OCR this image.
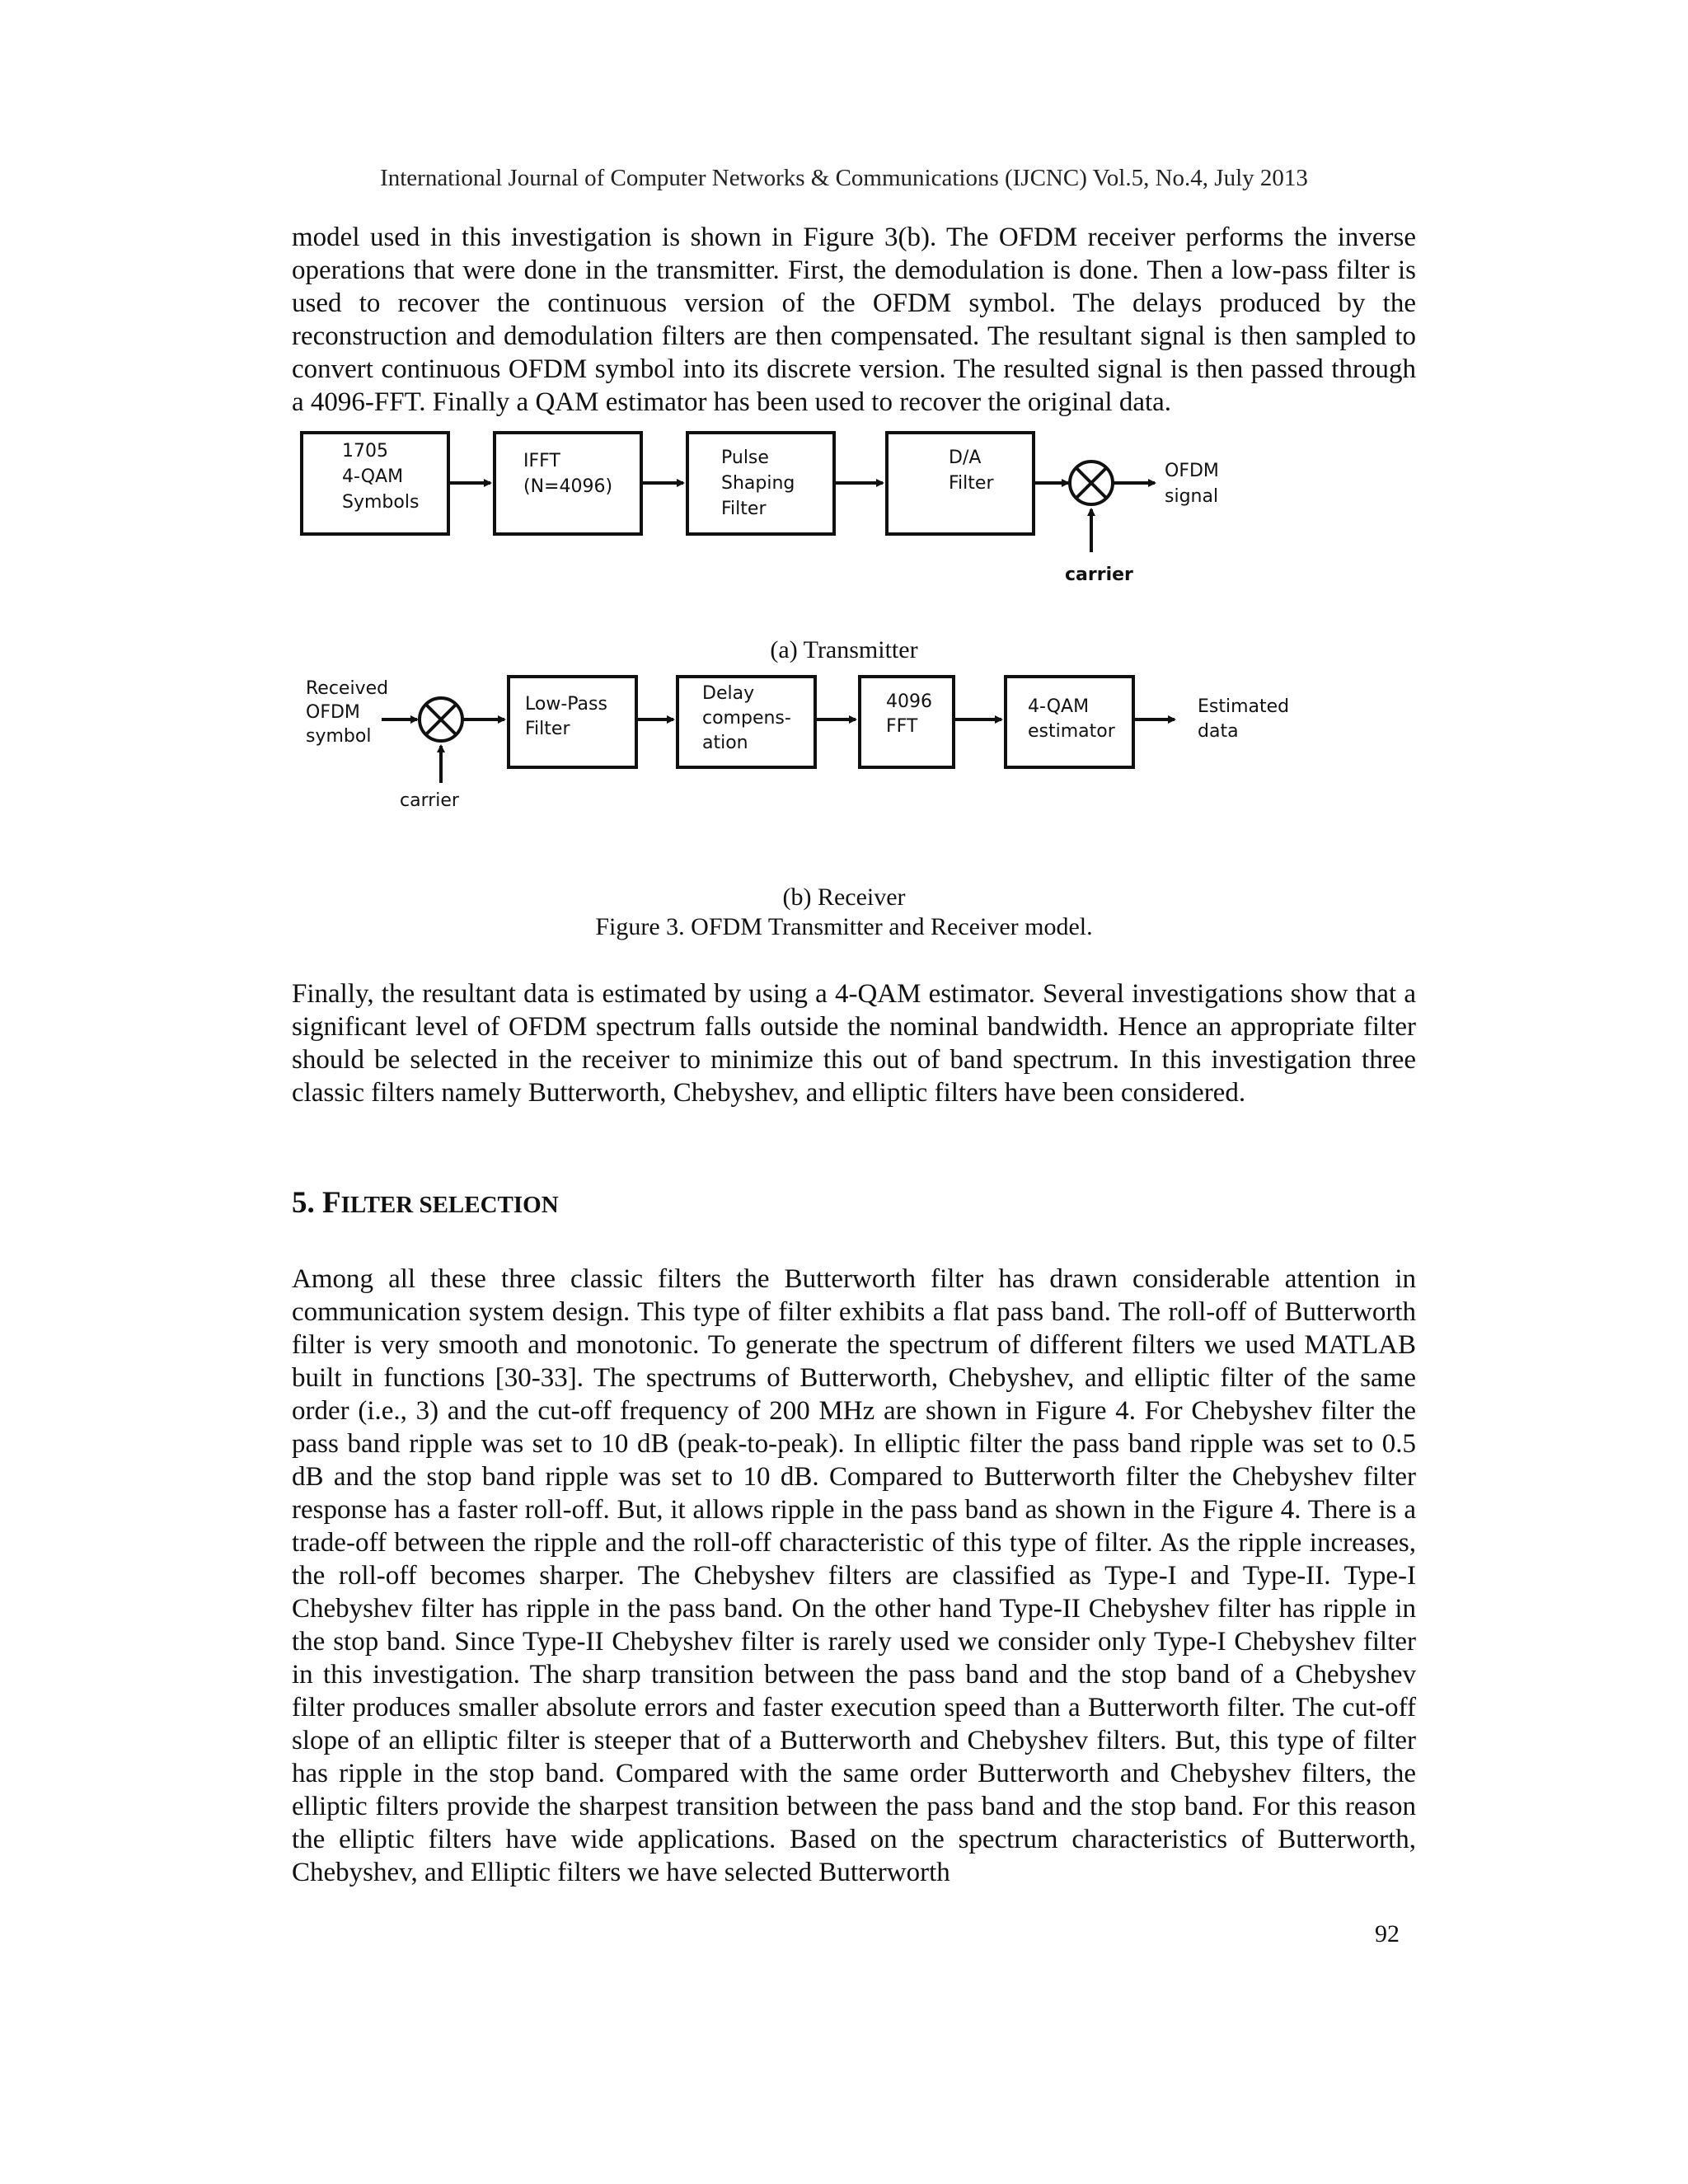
International Journal of Computer Networks & Communications (IJCNC) Vol.5, No.4, July 2013

model used in this investigation is shown in Figure 3(b). The OFDM receiver performs the inverse operations that were done in the transmitter. First, the demodulation is done. Then a low-pass filter is used to recover the continuous version of the OFDM symbol. The delays produced by the reconstruction and demodulation filters are then compensated. The resultant signal is then sampled to convert continuous OFDM symbol into its discrete version. The resulted signal is then passed through a 4096-FFT. Finally a QAM estimator has been used to recover the original data.

1705
4-QAM
Symbols
IFFT
(N=4096)
Pulse
Shaping
Filter
D/A
Filter
carrier
OFDM
signal
(a) Transmitter
Received
OFDM
symbol
carrier
Low-Pass
Filter
Delay
compens-
ation
4096
FFT
4-QAM
estimator
Estimated
data
(b) Receiver
Figure 3. OFDM Transmitter and Receiver model.

Finally, the resultant data is estimated by using a 4-QAM estimator. Several investigations show that a significant level of OFDM spectrum falls outside the nominal bandwidth. Hence an appropriate filter should be selected in the receiver to minimize this out of band spectrum. In this investigation three classic filters namely Butterworth, Chebyshev, and elliptic filters have been considered.

5. FILTER SELECTION

Among all these three classic filters the Butterworth filter has drawn considerable attention in communication system design. This type of filter exhibits a flat pass band. The roll-off of Butterworth filter is very smooth and monotonic. To generate the spectrum of different filters we used MATLAB built in functions [30-33]. The spectrums of Butterworth, Chebyshev, and elliptic filter of the same order (i.e., 3) and the cut-off frequency of 200 MHz are shown in Figure 4. For Chebyshev filter the pass band ripple was set to 10 dB (peak-to-peak). In elliptic filter the pass band ripple was set to 0.5 dB and the stop band ripple was set to 10 dB. Compared to Butterworth filter the Chebyshev filter response has a faster roll-off. But, it allows ripple in the pass band as shown in the Figure 4. There is a trade-off between the ripple and the roll-off characteristic of this type of filter. As the ripple increases, the roll-off becomes sharper. The Chebyshev filters are classified as Type-I and Type-II. Type-I Chebyshev filter has ripple in the pass band. On the other hand Type-II Chebyshev filter has ripple in the stop band. Since Type-II Chebyshev filter is rarely used we consider only Type-I Chebyshev filter in this investigation. The sharp transition between the pass band and the stop band of a Chebyshev filter produces smaller absolute errors and faster execution speed than a Butterworth filter. The cut-off slope of an elliptic filter is steeper that of a Butterworth and Chebyshev filters. But, this type of filter has ripple in the stop band. Compared with the same order Butterworth and Chebyshev filters, the elliptic filters provide the sharpest transition between the pass band and the stop band. For this reason the elliptic filters have wide applications. Based on the spectrum characteristics of Butterworth, Chebyshev, and Elliptic filters we have selected Butterworth

92
